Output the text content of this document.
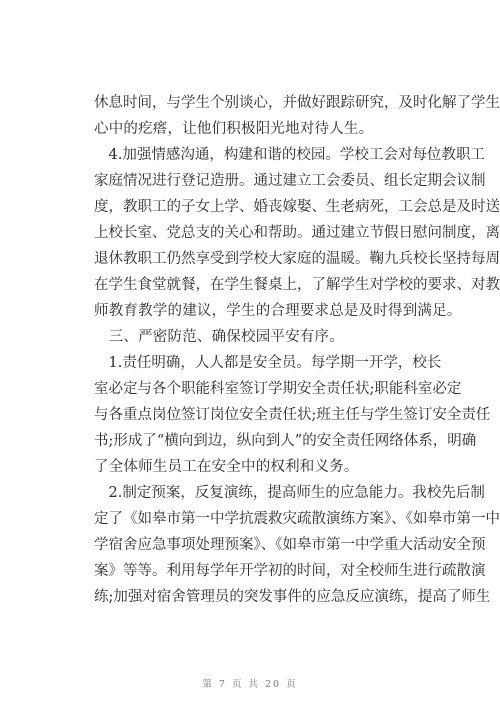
休息时间，与学生个别谈心，并做好跟踪研究，及时化解了学生
心中的疙瘩，让他们积极阳光地对待人生。
　4.加强情感沟通，构建和谐的校园。学校工会对每位教职工
家庭情况进行登记造册。通过建立工会委员、组长定期会议制
度，教职工的子女上学、婚丧嫁娶、生老病死，工会总是及时送
上校长室、党总支的关心和帮助。通过建立节假日慰问制度，离
退休教职工仍然享受到学校大家庭的温暖。鞠九兵校长坚持每周
在学生食堂就餐，在学生餐桌上，了解学生对学校的要求、对教
师教育教学的建议，学生的合理要求总是及时得到满足。
　三、严密防范、确保校园平安有序。
　1.责任明确，人人都是安全员。每学期一开学，校长
室必定与各个职能科室签订学期安全责任状;职能科室必定
与各重点岗位签订岗位安全责任状;班主任与学生签订安全责任
书;形成了“横向到边，纵向到人”的安全责任网络体系，明确
了全体师生员工在安全中的权利和义务。
　2.制定预案，反复演练，提高师生的应急能力。我校先后制
定了《如皋市第一中学抗震救灾疏散演练方案》、《如皋市第一中
学宿舍应急事项处理预案》、《如皋市第一中学重大活动安全预
案》等等。利用每学年开学初的时间，对全校师生进行疏散演
练;加强对宿舍管理员的突发事件的应急反应演练，提高了师生
第 7 页 共 20 页
